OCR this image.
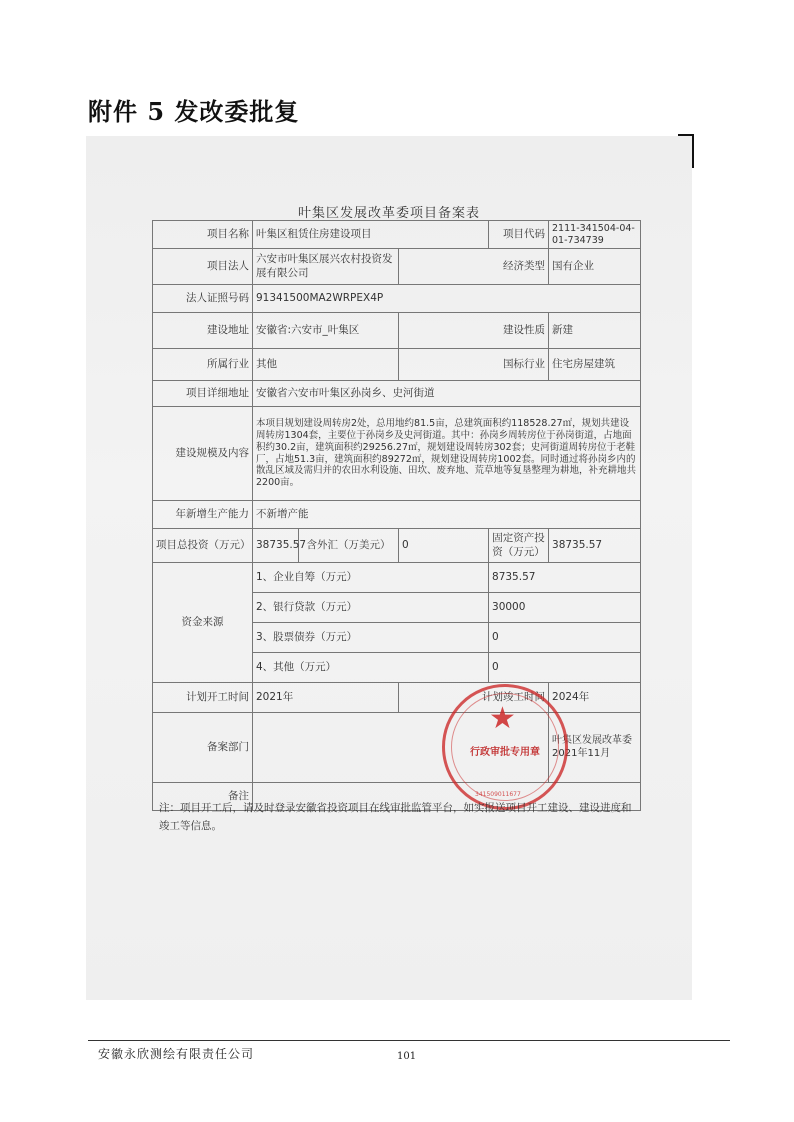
附件 5 发改委批复
叶集区发展改革委项目备案表
项目名称	叶集区租赁住房建设项目			项目代码	2111-341504-04-01-734739
项目法人	六安市叶集区展兴农村投资发展有限公司		经济类型		国有企业
法人证照号码	91341500MA2WRPEX4P				
建设地址	安徽省:六安市_叶集区		建设性质		新建
所属行业	其他		国标行业		住宅房屋建筑
项目详细地址	安徽省六安市叶集区孙岗乡、史河街道				
建设规模及内容	本项目规划建设周转房2处，总用地约81.5亩，总建筑面积约118528.27㎡，规划共建设周转房1304套，主要位于孙岗乡及史河街道。其中：孙岗乡周转房位于孙岗街道，占地面积约30.2亩，建筑面积约29256.27㎡，规划建设周转房302套；史河街道周转房位于老鞋厂，占地51.3亩，建筑面积约89272㎡，规划建设周转房1002套。同时通过将孙岗乡内的散乱区域及需归并的农田水利设施、田坎、废弃地、荒草地等复垦整理为耕地，补充耕地共2200亩。				
年新增生产能力	不新增产能				
项目总投资（万元）	38735.57	含外汇（万美元）	0	固定资产投资（万元）	38735.57
资金来源	1、企业自筹（万元）			8735.57	
	2、银行贷款（万元）			30000	
	3、股票债券（万元）			0	
	4、其他（万元）			0	
计划开工时间	2021年		计划竣工时间		2024年
备案部门					叶集区发展改革委
2021年11月

备注					
★
行政审批专用章
341509011677
注：项目开工后，请及时登录安徽省投资项目在线审批监管平台，如实报送项目开工建设、建设进度和竣工等信息。
安徽永欣测绘有限责任公司	101
